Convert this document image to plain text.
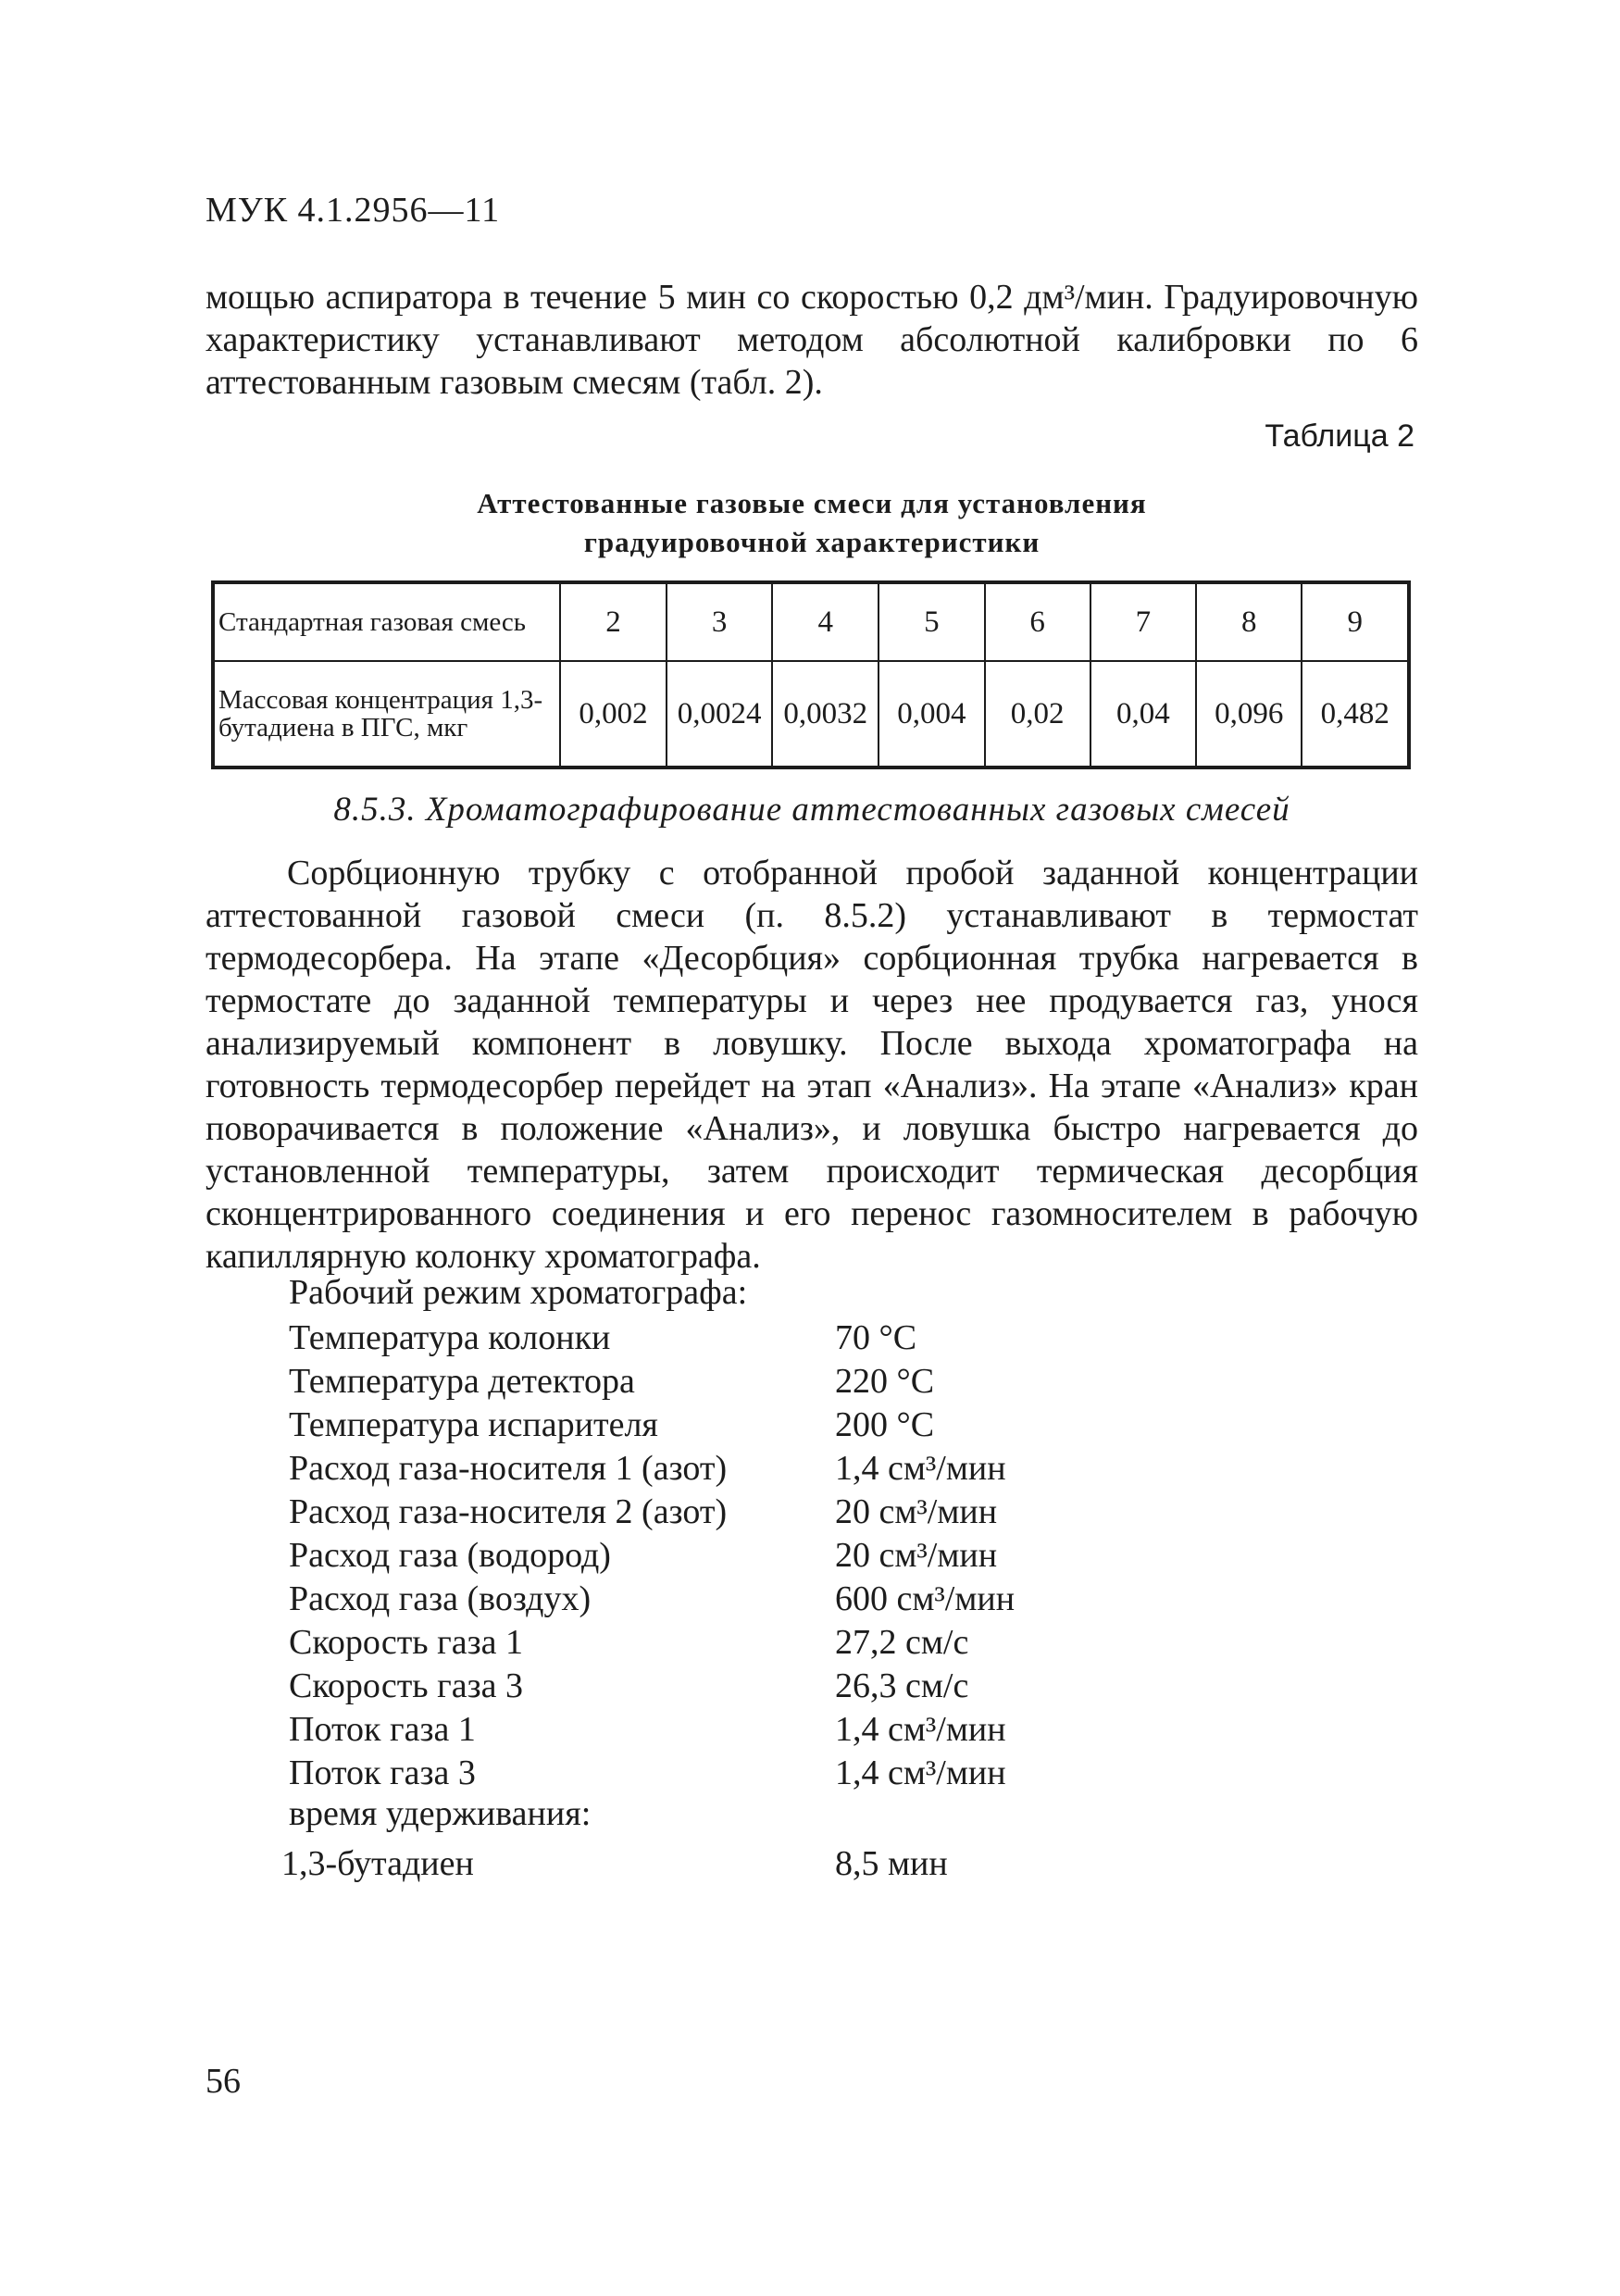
МУК 4.1.2956—11

мощью аспиратора в течение 5 мин со скоростью 0,2 дм³/мин. Градуировочную характеристику устанавливают методом абсолютной калибровки по 6 аттестованным газовым смесям (табл. 2).

Таблица 2
Аттестованные газовые смеси для установления
градуировочной характеристики
Стандартная газовая смесь	2	3	4	5	6	7	8	9
Массовая концентрация 1,3-бутадиена в ПГС, мкг	0,002	0,0024	0,0032	0,004	0,02	0,04	0,096	0,482
8.5.3. Хроматографирование аттестованных газовых смесей

Сорбционную трубку с отобранной пробой заданной концентрации аттестованной газовой смеси (п. 8.5.2) устанавливают в термостат термодесорбера. На этапе «Десорбция» сорбционная трубка нагревается в термостате до заданной температуры и через нее продувается газ, унося анализируемый компонент в ловушку. После выхода хроматографа на готовность термодесорбер перейдет на этап «Анализ». На этапе «Анализ» кран поворачивается в положение «Анализ», и ловушка быстро нагревается до установленной температуры, затем происходит термическая десорбция сконцентрированного соединения и его перенос газомносителем в рабочую капиллярную колонку хроматографа.

Рабочий режим хроматографа:
Температура колонки	70 °С
Температура детектора	220 °С
Температура испарителя	200 °С
Расход газа-носителя 1 (азот)	1,4 см³/мин
Расход газа-носителя 2 (азот)	20 см³/мин
Расход газа (водород)	20 см³/мин
Расход газа (воздух)	600 см³/мин
Скорость газа 1	27,2 см/с
Скорость газа 3	26,3 см/с
Поток газа 1	1,4 см³/мин
Поток газа 3	1,4 см³/мин
время удерживания:
1,3-бутадиен	8,5 мин
56
